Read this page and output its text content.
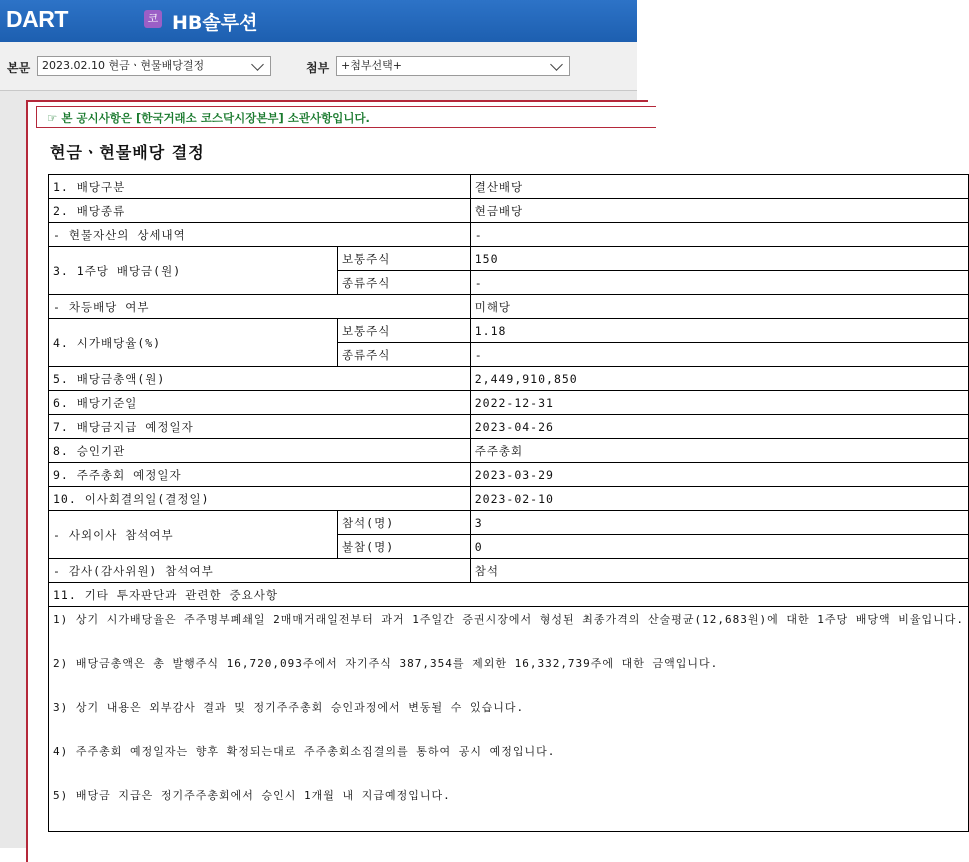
DART	코 HB솔루션
본문	2023.02.10 현금ㆍ현물배당결정	첨부	+첨부선택+
☞ 본 공시사항은 [한국거래소 코스닥시장본부] 소관사항입니다.
현금ㆍ현물배당 결정
1. 배당구분		결산배당
2. 배당종류		현금배당
- 현물자산의 상세내역		-
3. 1주당 배당금(원)	보통주식	150
	종류주식	-
- 차등배당 여부		미해당
4. 시가배당율(%)	보통주식	1.18
	종류주식	-
5. 배당금총액(원)		2,449,910,850
6. 배당기준일		2022-12-31
7. 배당금지급 예정일자		2023-04-26
8. 승인기관		주주총회
9. 주주총회 예정일자		2023-03-29
10. 이사회결의일(결정일)		2023-02-10
- 사외이사 참석여부	참석(명)	3
	불참(명)	0
- 감사(감사위원) 참석여부		참석
11. 기타 투자판단과 관련한 중요사항		

1) 상기 시가배당율은 주주명부폐쇄일 2매매거래일전부터 과거 1주일간 증권시장에서 형성된 최종가격의 산술평균(12,683원)에 대한 1주당 배당액 비율입니다.

2) 배당금총액은 총 발행주식 16,720,093주에서 자기주식 387,354를 제외한 16,332,739주에 대한 금액입니다.

3) 상기 내용은 외부감사 결과 및 정기주주총회 승인과정에서 변동될 수 있습니다.

4) 주주총회 예정일자는 향후 확정되는대로 주주총회소집결의를 통하여 공시 예정입니다.

5) 배당금 지급은 정기주주총회에서 승인시 1개월 내 지급예정입니다.		
